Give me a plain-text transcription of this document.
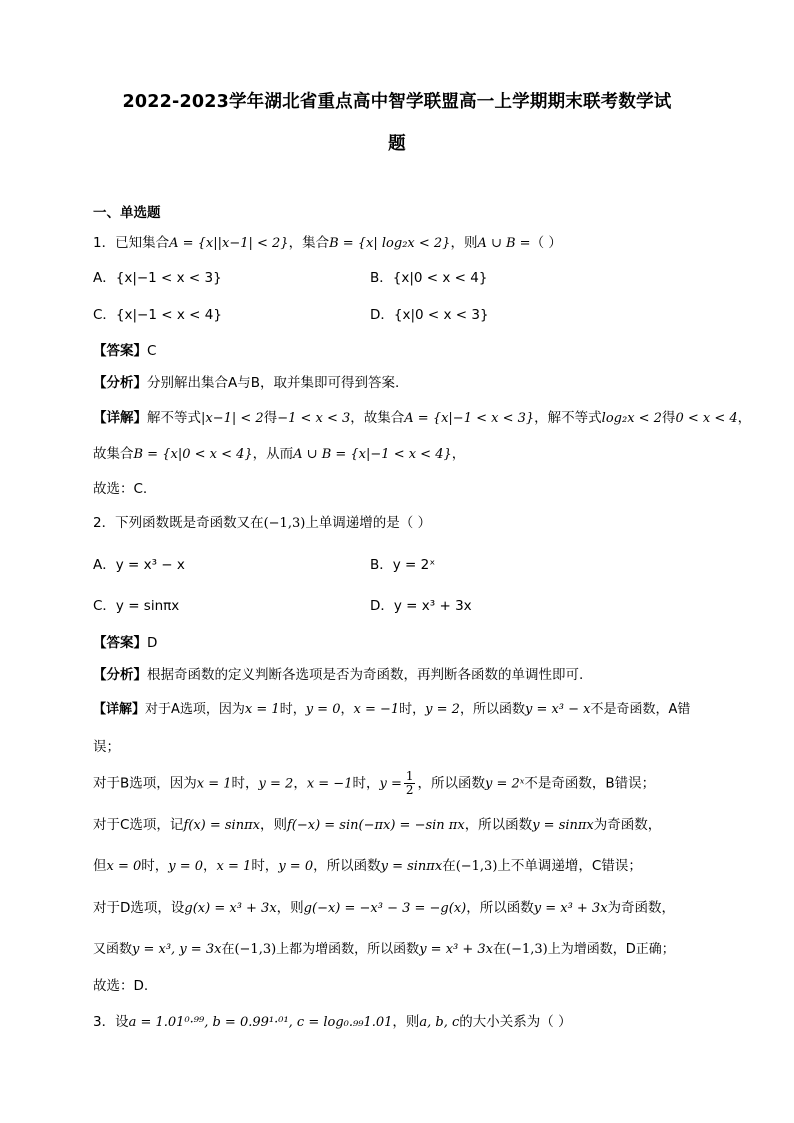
2022-2023学年湖北省重点高中智学联盟高一上学期期末联考数学试
题
一、单选题
1．已知集合A = {x||x−1| < 2}，集合B = {x| log₂x < 2}，则A ∪ B =（ ）
A．{x|−1 < x < 3}	B．{x|0 < x < 4}
C．{x|−1 < x < 4}	D．{x|0 < x < 3}
【答案】C
【分析】分别解出集合A与B，取并集即可得到答案.
【详解】解不等式|x−1| < 2得−1 < x < 3，故集合A = {x|−1 < x < 3}，解不等式log₂x < 2得0 < x < 4，
故集合B = {x|0 < x < 4}，从而A ∪ B = {x|−1 < x < 4}，
故选：C.
2．下列函数既是奇函数又在(−1,3)上单调递增的是（ ）
A．y = x³ − x	B．y = 2ˣ
C．y = sinπx	D．y = x³ + 3x
【答案】D
【分析】根据奇函数的定义判断各选项是否为奇函数，再判断各函数的单调性即可.
【详解】对于A选项，因为x = 1时，y = 0，x = −1时，y = 2，所以函数y = x³ − x不是奇函数，A错
误；
对于B选项，因为x = 1时，y = 2，x = −1时，$y = \frac{1}{2}$ ，所以函数y = 2ˣ不是奇函数，B错误；
对于C选项，记f(x) = sinπx，则f(−x) = sin(−πx) = −sin πx，所以函数y = sinπx为奇函数，
但x = 0时，y = 0，x = 1时，y = 0，所以函数y = sinπx在(−1,3)上不单调递增，C错误；
对于D选项，设g(x) = x³ + 3x，则g(−x) = −x³ − 3 = −g(x)，所以函数y = x³ + 3x为奇函数，
又函数y = x³, y = 3x在(−1,3)上都为增函数，所以函数y = x³ + 3x在(−1,3)上为增函数，D正确；
故选：D.
3．设a = 1.01⁰·⁹⁹, b = 0.99¹·⁰¹, c = log₀.₉₉1.01，则a, b, c的大小关系为（ ）
